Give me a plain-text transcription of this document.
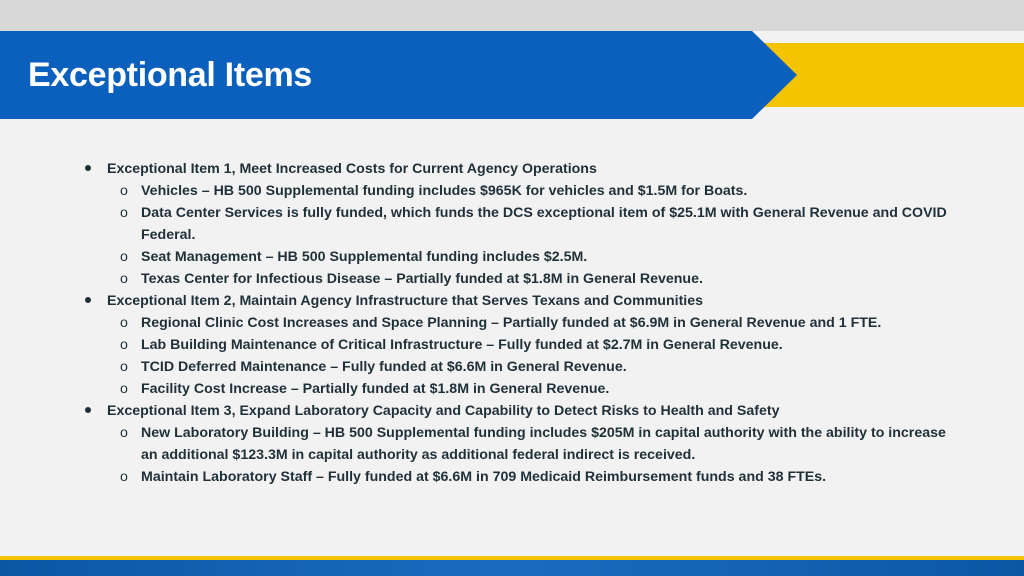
Exceptional Items
Exceptional Item 1, Meet Increased Costs for Current Agency Operations
o Vehicles – HB 500 Supplemental funding includes $965K for vehicles and $1.5M for Boats.
o Data Center Services is fully funded, which funds the DCS exceptional item of $25.1M with General Revenue and COVID Federal.
o Seat Management – HB 500 Supplemental funding includes $2.5M.
o Texas Center for Infectious Disease – Partially funded at $1.8M in General Revenue.
Exceptional Item 2, Maintain Agency Infrastructure that Serves Texans and Communities
o Regional Clinic Cost Increases and Space Planning – Partially funded at $6.9M in General Revenue and 1 FTE.
o Lab Building Maintenance of Critical Infrastructure – Fully funded at $2.7M in General Revenue.
o TCID Deferred Maintenance – Fully funded at $6.6M in General Revenue.
o Facility Cost Increase – Partially funded at $1.8M in General Revenue.
Exceptional Item 3, Expand Laboratory Capacity and Capability to Detect Risks to Health and Safety
o New Laboratory Building – HB 500 Supplemental funding includes $205M in capital authority with the ability to increase an additional $123.3M in capital authority as additional federal indirect is received.
o Maintain Laboratory Staff – Fully funded at $6.6M in 709 Medicaid Reimbursement funds and 38 FTEs.
